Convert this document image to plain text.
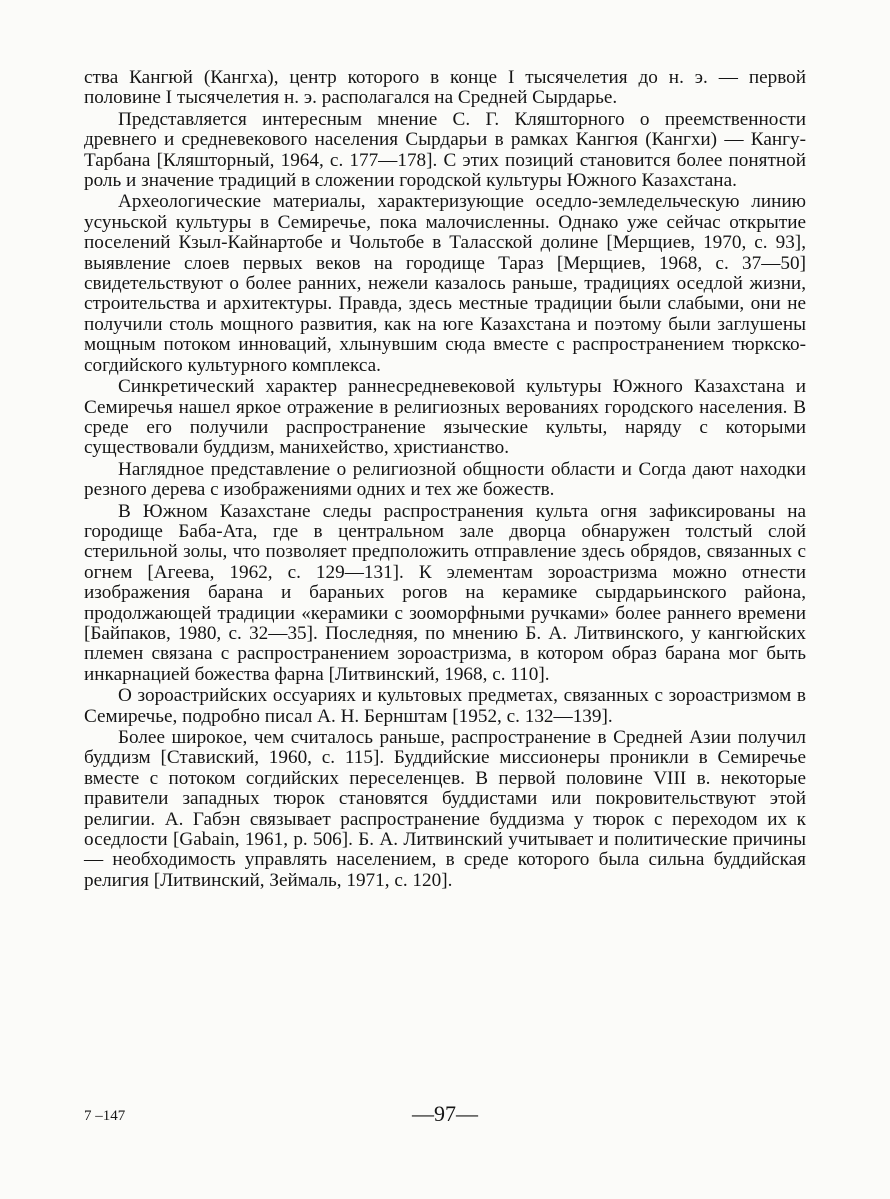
ства Кангюй (Кангха), центр которого в конце I тысячелетия до н. э. — первой половине I тысячелетия н. э. располагался на Средней Сырдарье.

Представляется интересным мнение С. Г. Кляшторного о преемственности древнего и средневекового населения Сырдарьи в рамках Кангюя (Кангхи) — Кангу-Тарбана [Кляшторный, 1964, с. 177—178]. С этих позиций становится более понятной роль и значение традиций в сложении городской культуры Южного Казахстана.

Археологические материалы, характеризующие оседло-земледельческую линию усуньской культуры в Семиречье, пока малочисленны. Однако уже сейчас открытие поселений Кзыл-Кайнартобе и Чольтобе в Таласской долине [Мерщиев, 1970, с. 93], выявление слоев первых веков на городище Тараз [Мерщиев, 1968, с. 37—50] свидетельствуют о более ранних, нежели казалось раньше, традициях оседлой жизни, строительства и архитектуры. Правда, здесь местные традиции были слабыми, они не получили столь мощного развития, как на юге Казахстана и поэтому были заглушены мощным потоком инноваций, хлынувшим сюда вместе с распространением тюркско-согдийского культурного комплекса.

Синкретический характер раннесредневековой культуры Южного Казахстана и Семиречья нашел яркое отражение в религиозных верованиях городского населения. В среде его получили распространение языческие культы, наряду с которыми существовали буддизм, манихейство, христианство.

Наглядное представление о религиозной общности области и Согда дают находки резного дерева с изображениями одних и тех же божеств.

В Южном Казахстане следы распространения культа огня зафиксированы на городище Баба-Ата, где в центральном зале дворца обнаружен толстый слой стерильной золы, что позволяет предположить отправление здесь обрядов, связанных с огнем [Агеева, 1962, с. 129—131]. К элементам зороастризма можно отнести изображения барана и бараньих рогов на керамике сырдарьинского района, продолжающей традиции «керамики с зооморфными ручками» более раннего времени [Байпаков, 1980, с. 32—35]. Последняя, по мнению Б. А. Литвинского, у кангюйских племен связана с распространением зороастризма, в котором образ барана мог быть инкарнацией божества фарна [Литвинский, 1968, с. 110].

О зороастрийских оссуариях и культовых предметах, связанных с зороастризмом в Семиречье, подробно писал А. Н. Бернштам [1952, с. 132—139].

Более широкое, чем считалось раньше, распространение в Средней Азии получил буддизм [Ставиский, 1960, с. 115]. Буддийские миссионеры проникли в Семиречье вместе с потоком согдийских переселенцев. В первой половине VIII в. некоторые правители западных тюрок становятся буддистами или покровительствуют этой религии. А. Габэн связывает распространение буддизма у тюрок с переходом их к оседлости [Gabain, 1961, p. 506]. Б. А. Литвинский учитывает и политические причины — необходимость управлять населением, в среде которого была сильна буддийская религия [Литвинский, Зеймаль, 1971, с. 120].

7 –147	—97—
